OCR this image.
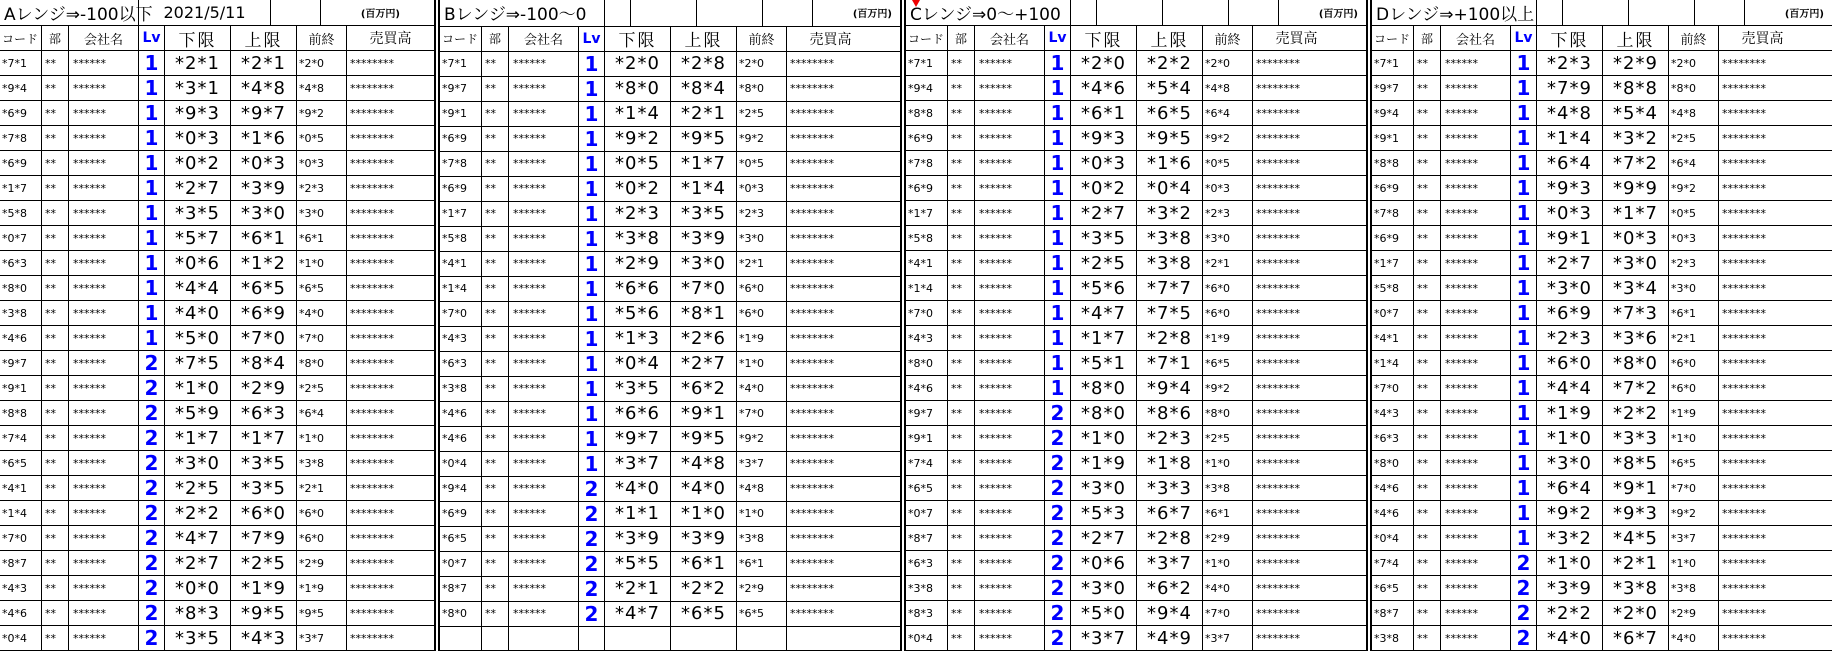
Aレンジ⇒-100以下 2021/5/11	(百万円)
コード 部	会社名	Lv	下限	上限	前終	売買高
*7*1	**	******	1 *2*1	*2*1	*2*0	********
*9*4	**	******	1 *3*1	*4*8	*4*8	********
*6*9	**	******	1 *9*3	*9*7	*9*2	********
*7*8	**	******	1 *0*3	*1*6	*0*5	********
*6*9	**	******	1 *0*2	*0*3	*0*3	********
*1*7	**	******	1 *2*7	*3*9	*2*3	********
*5*8	**	******	1 *3*5	*3*0	*3*0	********
*0*7	**	******	1 *5*7	*6*1	*6*1	********
*6*3	**	******	1 *0*6	*1*2	*1*0	********
*8*0	**	******	1 *4*4	*6*5	*6*5	********
*3*8	**	******	1 *4*0	*6*9	*4*0	********
*4*6	**	******	1 *5*0	*7*0	*7*0	********
*9*7	**	******	2 *7*5	*8*4	*8*0	********
*9*1	**	******	2 *1*0	*2*9	*2*5	********
*8*8	**	******	2 *5*9	*6*3	*6*4	********
*7*4	**	******	2 *1*7	*1*7	*1*0	********
*6*5	**	******	2 *3*0	*3*5	*3*8	********
*4*1	**	******	2 *2*5	*3*5	*2*1	********
*1*4	**	******	2 *2*2	*6*0	*6*0	********
*7*0	**	******	2 *4*7	*7*9	*6*0	********
*8*7	**	******	2 *2*7	*2*5	*2*9	********
*4*3	**	******	2 *0*0	*1*9	*1*9	********
*4*6	**	******	2 *8*3	*9*5	*9*5	********
*0*4	**	******	2 *3*5	*4*3	*3*7	********
Bレンジ⇒-100～0	(百万円)
コード 部	会社名	Lv	下限	上限	前終	売買高
*7*1	**	******	1 *2*0	*2*8	*2*0	********
*9*7	**	******	1 *8*0	*8*4	*8*0	********
*9*1	**	******	1 *1*4	*2*1	*2*5	********
*6*9	**	******	1 *9*2	*9*5	*9*2	********
*7*8	**	******	1 *0*5	*1*7	*0*5	********
*6*9	**	******	1 *0*2	*1*4	*0*3	********
*1*7	**	******	1 *2*3	*3*5	*2*3	********
*5*8	**	******	1 *3*8	*3*9	*3*0	********
*4*1	**	******	1 *2*9	*3*0	*2*1	********
*1*4	**	******	1 *6*6	*7*0	*6*0	********
*7*0	**	******	1 *5*6	*8*1	*6*0	********
*4*3	**	******	1 *1*3	*2*6	*1*9	********
*6*3	**	******	1 *0*4	*2*7	*1*0	********
*3*8	**	******	1 *3*5	*6*2	*4*0	********
*4*6	**	******	1 *6*6	*9*1	*7*0	********
*4*6	**	******	1 *9*7	*9*5	*9*2	********
*0*4	**	******	1 *3*7	*4*8	*3*7	********
*9*4	**	******	2 *4*0	*4*0	*4*8	********
*6*9	**	******	2 *1*1	*1*0	*1*0	********
*6*5	**	******	2 *3*9	*3*9	*3*8	********
*0*7	**	******	2 *5*5	*6*1	*6*1	********
*8*7	**	******	2 *2*1	*2*2	*2*9	********
*8*0	**	******	2 *4*7	*6*5	*6*5	********
Cレンジ⇒0～+100	(百万円)
コード 部	会社名	Lv	下限	上限	前終	売買高
*7*1	**	******	1 *2*0	*2*2	*2*0	********
*9*4	**	******	1 *4*6	*5*4	*4*8	********
*8*8	**	******	1 *6*1	*6*5	*6*4	********
*6*9	**	******	1 *9*3	*9*5	*9*2	********
*7*8	**	******	1 *0*3	*1*6	*0*5	********
*6*9	**	******	1 *0*2	*0*4	*0*3	********
*1*7	**	******	1 *2*7	*3*2	*2*3	********
*5*8	**	******	1 *3*5	*3*8	*3*0	********
*4*1	**	******	1 *2*5	*3*8	*2*1	********
*1*4	**	******	1 *5*6	*7*7	*6*0	********
*7*0	**	******	1 *4*7	*7*5	*6*0	********
*4*3	**	******	1 *1*7	*2*8	*1*9	********
*8*0	**	******	1 *5*1	*7*1	*6*5	********
*4*6	**	******	1 *8*0	*9*4	*9*2	********
*9*7	**	******	2 *8*0	*8*6	*8*0	********
*9*1	**	******	2 *1*0	*2*3	*2*5	********
*7*4	**	******	2 *1*9	*1*8	*1*0	********
*6*5	**	******	2 *3*0	*3*3	*3*8	********
*0*7	**	******	2 *5*3	*6*7	*6*1	********
*8*7	**	******	2 *2*7	*2*8	*2*9	********
*6*3	**	******	2 *0*6	*3*7	*1*0	********
*3*8	**	******	2 *3*0	*6*2	*4*0	********
*8*3	**	******	2 *5*0	*9*4	*7*0	********
*0*4	**	******	2 *3*7	*4*9	*3*7	********
Dレンジ⇒+100以上	(百万円)
コード 部	会社名	Lv	下限	上限	前終	売買高
*7*1	**	******	1 *2*3	*2*9	*2*0	********
*9*7	**	******	1 *7*9	*8*8	*8*0	********
*9*4	**	******	1 *4*8	*5*4	*4*8	********
*9*1	**	******	1 *1*4	*3*2	*2*5	********
*8*8	**	******	1 *6*4	*7*2	*6*4	********
*6*9	**	******	1 *9*3	*9*9	*9*2	********
*7*8	**	******	1 *0*3	*1*7	*0*5	********
*6*9	**	******	1 *9*1	*0*3	*0*3	********
*1*7	**	******	1 *2*7	*3*0	*2*3	********
*5*8	**	******	1 *3*0	*3*4	*3*0	********
*0*7	**	******	1 *6*9	*7*3	*6*1	********
*4*1	**	******	1 *2*3	*3*6	*2*1	********
*1*4	**	******	1 *6*0	*8*0	*6*0	********
*7*0	**	******	1 *4*4	*7*2	*6*0	********
*4*3	**	******	1 *1*9	*2*2	*1*9	********
*6*3	**	******	1 *1*0	*3*3	*1*0	********
*8*0	**	******	1 *3*0	*8*5	*6*5	********
*4*6	**	******	1 *6*4	*9*1	*7*0	********
*4*6	**	******	1 *9*2	*9*3	*9*2	********
*0*4	**	******	1 *3*2	*4*5	*3*7	********
*7*4	**	******	2 *1*0	*2*1	*1*0	********
*6*5	**	******	2 *3*9	*3*8	*3*8	********
*8*7	**	******	2 *2*2	*2*0	*2*9	********
*3*8	**	******	2 *4*0	*6*7	*4*0	********
